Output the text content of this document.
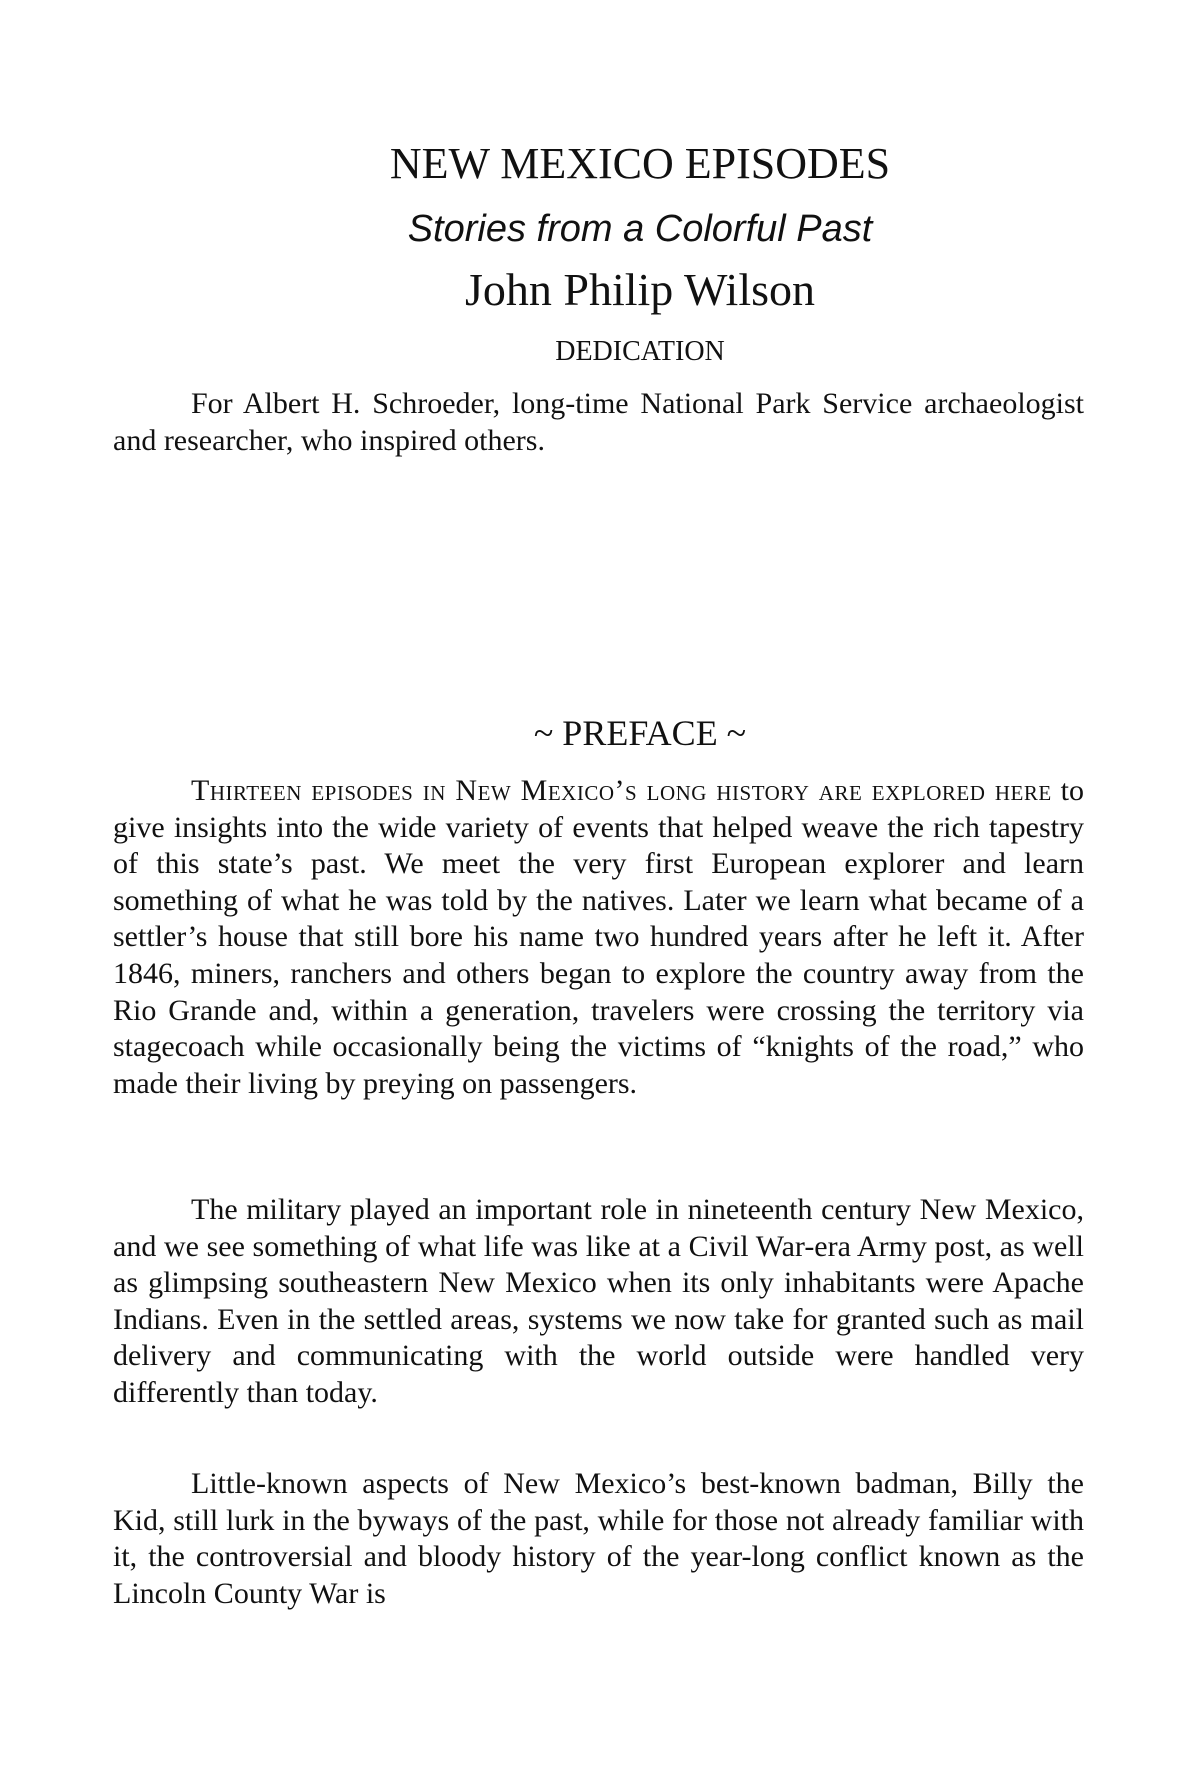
NEW MEXICO EPISODES
Stories from a Colorful Past
John Philip Wilson
DEDICATION

For Albert H. Schroeder, long-time National Park Service archaeologist and researcher, who inspired others.

~ PREFACE ~

Thirteen episodes in New Mexico’s long history are explored here to give insights into the wide variety of events that helped weave the rich tapestry of this state’s past. We meet the very first European explorer and learn something of what he was told by the natives. Later we learn what became of a settler’s house that still bore his name two hundred years after he left it. After 1846, miners, ranchers and others began to explore the country away from the Rio Grande and, within a generation, travelers were crossing the territory via stagecoach while occasionally being the victims of “knights of the road,” who made their living by preying on passengers.

The military played an important role in nineteenth century New Mexico, and we see something of what life was like at a Civil War-era Army post, as well as glimpsing southeastern New Mexico when its only inhabitants were Apache Indians. Even in the settled areas, systems we now take for granted such as mail delivery and communicating with the world outside were handled very differently than today.

Little-known aspects of New Mexico’s best-known badman, Billy the Kid, still lurk in the byways of the past, while for those not already familiar with it, the controversial and bloody history of the year-long conflict known as the Lincoln County War is
